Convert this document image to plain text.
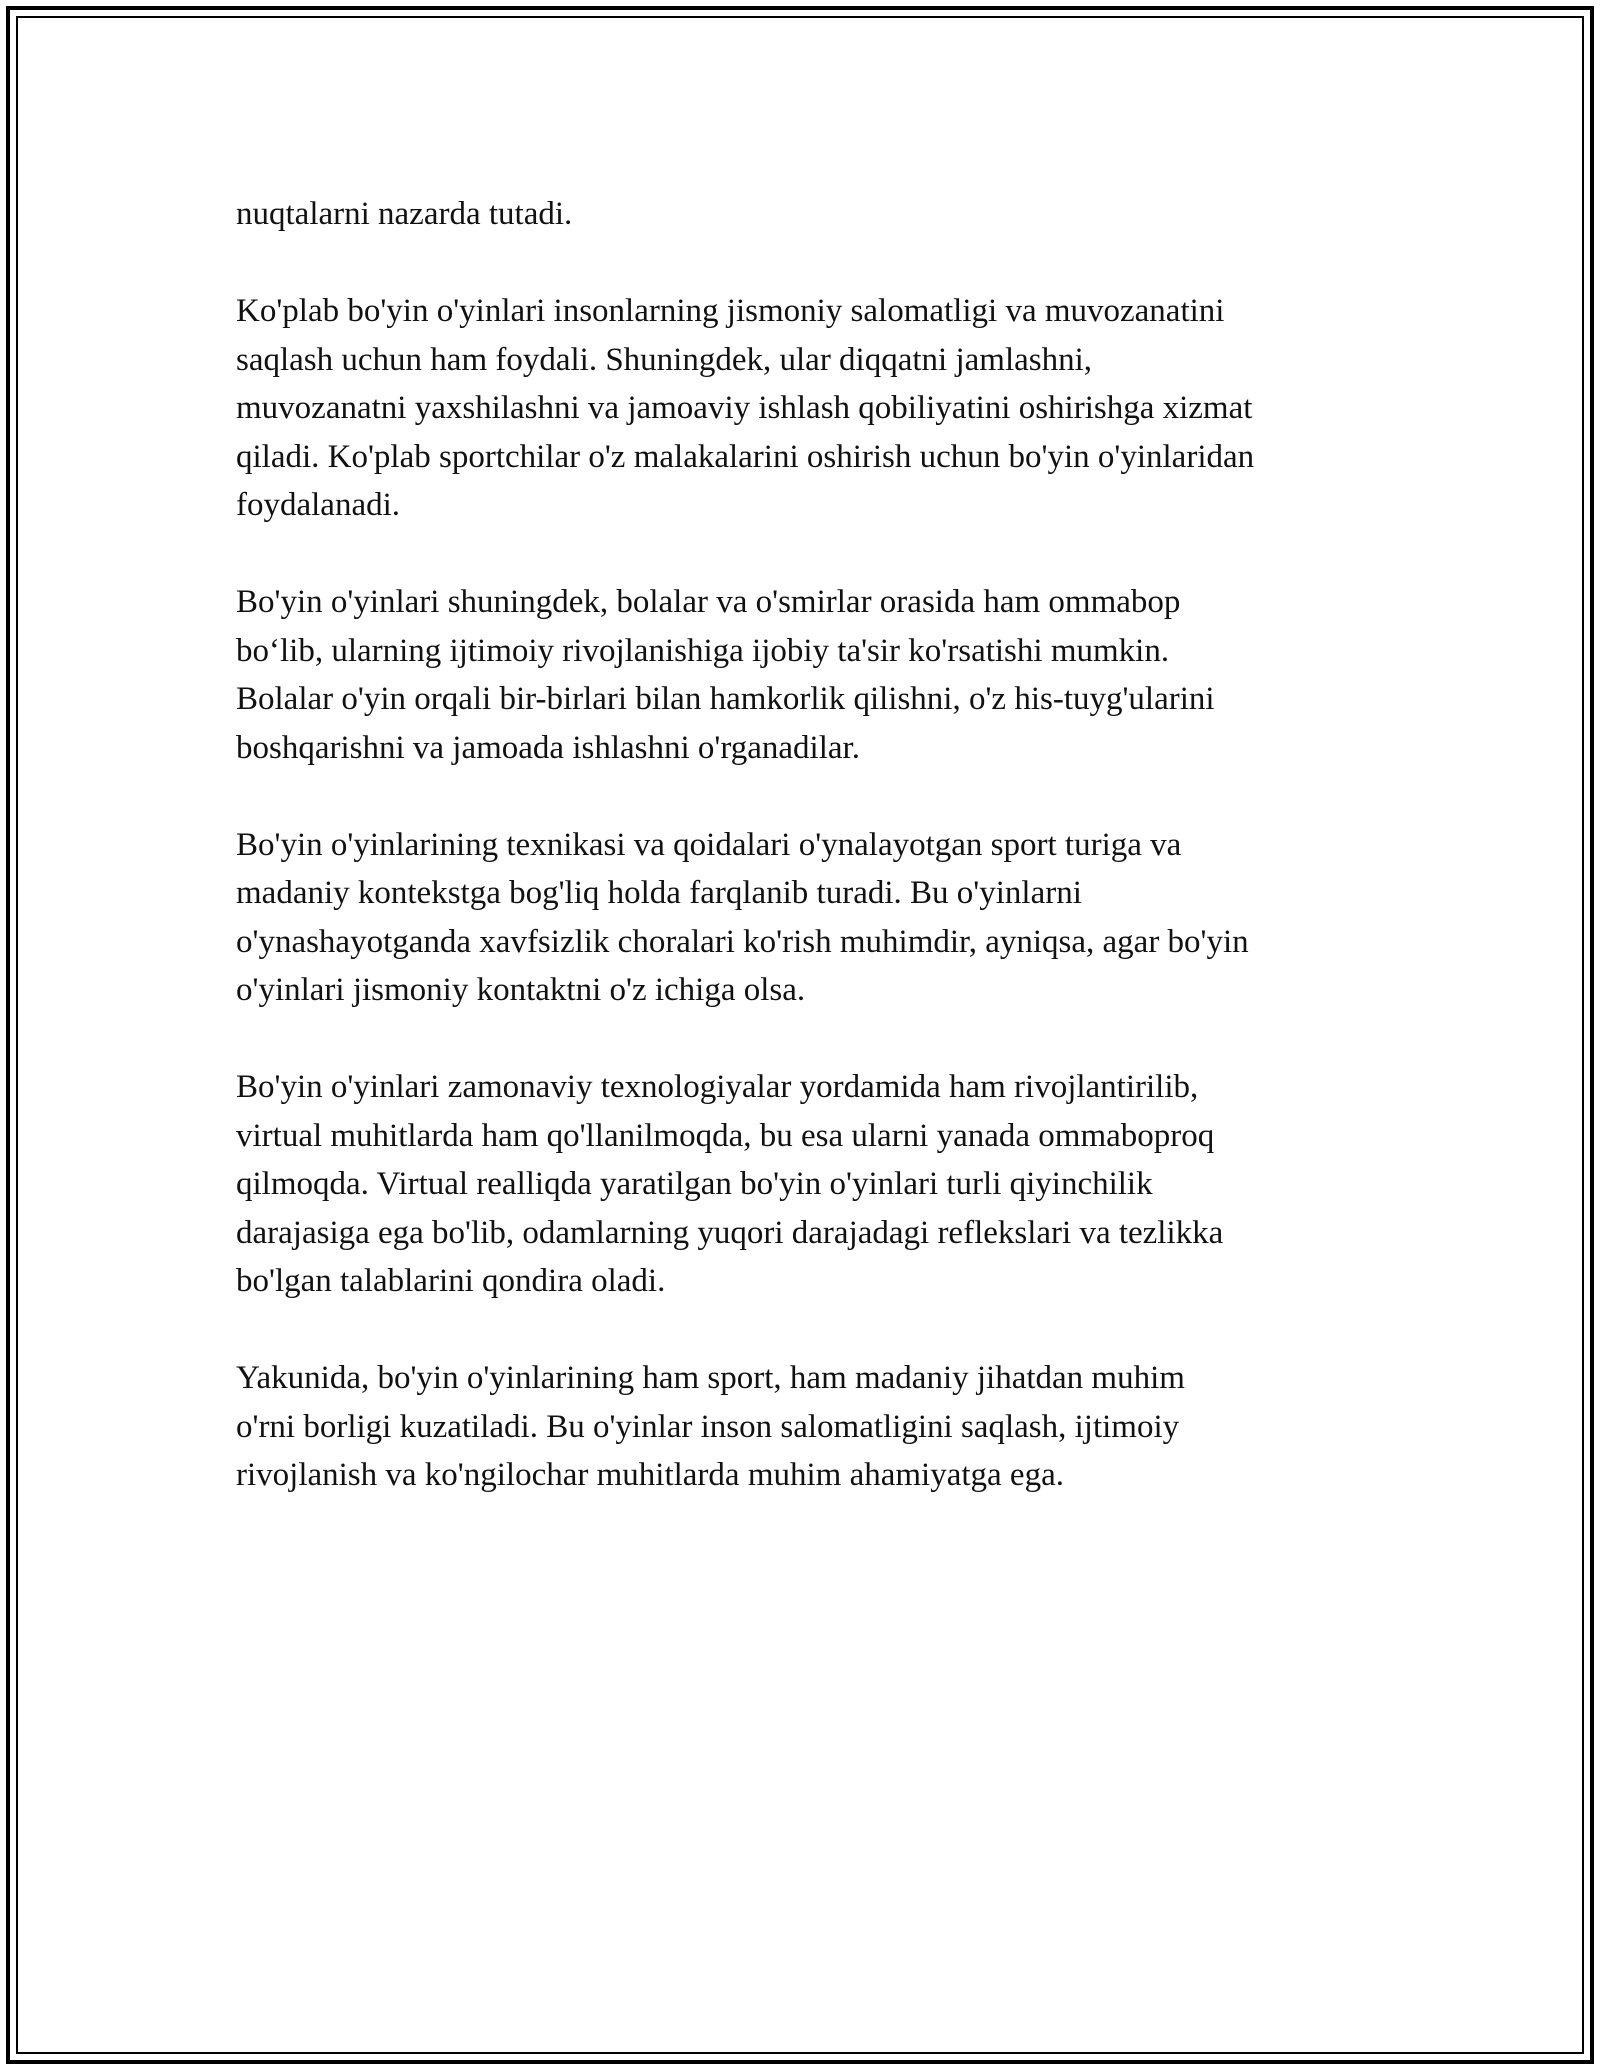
nuqtalarni nazarda tutadi.

Ko'plab bo'yin o'yinlari insonlarning jismoniy salomatligi va muvozanatini
saqlash uchun ham foydali. Shuningdek, ular diqqatni jamlashni,
muvozanatni yaxshilashni va jamoaviy ishlash qobiliyatini oshirishga xizmat
qiladi. Ko'plab sportchilar o'z malakalarini oshirish uchun bo'yin o'yinlaridan
foydalanadi.

Bo'yin o'yinlari shuningdek, bolalar va o'smirlar orasida ham ommabop
bo‘lib, ularning ijtimoiy rivojlanishiga ijobiy ta'sir ko'rsatishi mumkin.
Bolalar o'yin orqali bir-birlari bilan hamkorlik qilishni, o'z his-tuyg'ularini
boshqarishni va jamoada ishlashni o'rganadilar.

Bo'yin o'yinlarining texnikasi va qoidalari o'ynalayotgan sport turiga va
madaniy kontekstga bog'liq holda farqlanib turadi. Bu o'yinlarni
o'ynashayotganda xavfsizlik choralari ko'rish muhimdir, ayniqsa, agar bo'yin
o'yinlari jismoniy kontaktni o'z ichiga olsa.

Bo'yin o'yinlari zamonaviy texnologiyalar yordamida ham rivojlantirilib,
virtual muhitlarda ham qo'llanilmoqda, bu esa ularni yanada ommaboproq
qilmoqda. Virtual realliqda yaratilgan bo'yin o'yinlari turli qiyinchilik
darajasiga ega bo'lib, odamlarning yuqori darajadagi reflekslari va tezlikka
bo'lgan talablarini qondira oladi.

Yakunida, bo'yin o'yinlarining ham sport, ham madaniy jihatdan muhim
o'rni borligi kuzatiladi. Bu o'yinlar inson salomatligini saqlash, ijtimoiy
rivojlanish va ko'ngilochar muhitlarda muhim ahamiyatga ega.
